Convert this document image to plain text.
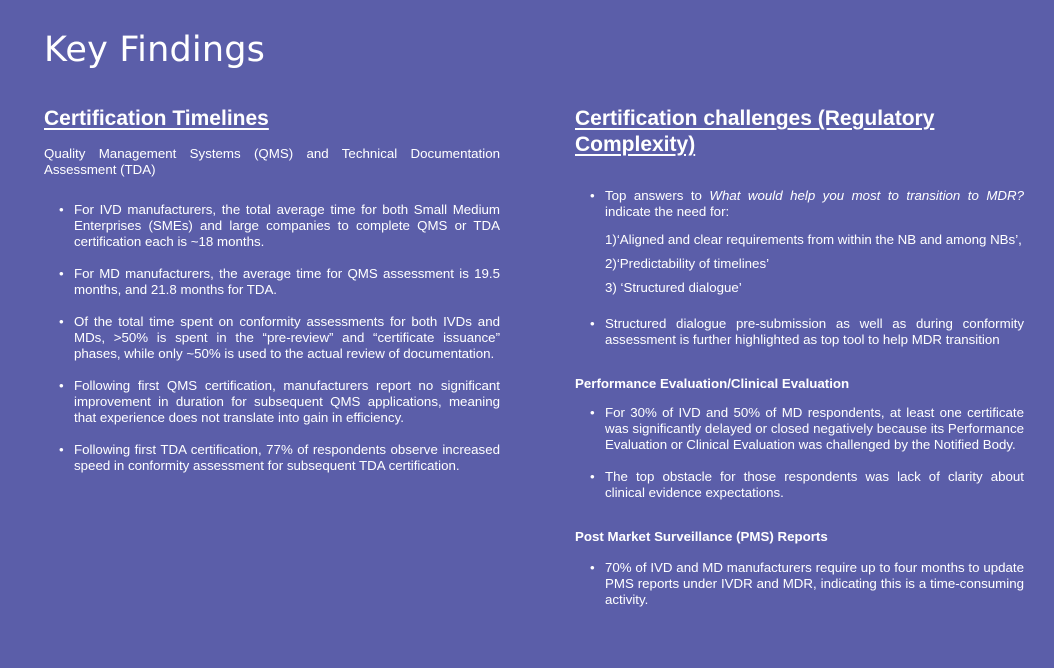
Key Findings
Certification Timelines
Quality Management Systems (QMS) and Technical Documentation Assessment (TDA)
• For IVD manufacturers, the total average time for both Small Medium Enterprises (SMEs) and large companies to complete QMS or TDA certification each is ~18 months.
• For MD manufacturers, the average time for QMS assessment is 19.5 months, and 21.8 months for TDA.
• Of the total time spent on conformity assessments for both IVDs and MDs, >50% is spent in the “pre-review” and “certificate issuance” phases, while only ~50% is used to the actual review of documentation.
• Following first QMS certification, manufacturers report no significant improvement in duration for subsequent QMS applications, meaning that experience does not translate into gain in efficiency.
• Following first TDA certification, 77% of respondents observe increased speed in conformity assessment for subsequent TDA certification.
Certification challenges (Regulatory Complexity)
• Top answers to What would help you most to transition to MDR? indicate the need for:
1)‘Aligned and clear requirements from within the NB and among NBs’,
2)‘Predictability of timelines’
3) ‘Structured dialogue’
• Structured dialogue pre-submission as well as during conformity assessment is further highlighted as top tool to help MDR transition
Performance Evaluation/Clinical Evaluation
• For 30% of IVD and 50% of MD respondents, at least one certificate was significantly delayed or closed negatively because its Performance Evaluation or Clinical Evaluation was challenged by the Notified Body.
• The top obstacle for those respondents was lack of clarity about clinical evidence expectations.
Post Market Surveillance (PMS) Reports
• 70% of IVD and MD manufacturers require up to four months to update PMS reports under IVDR and MDR, indicating this is a time-consuming activity.
